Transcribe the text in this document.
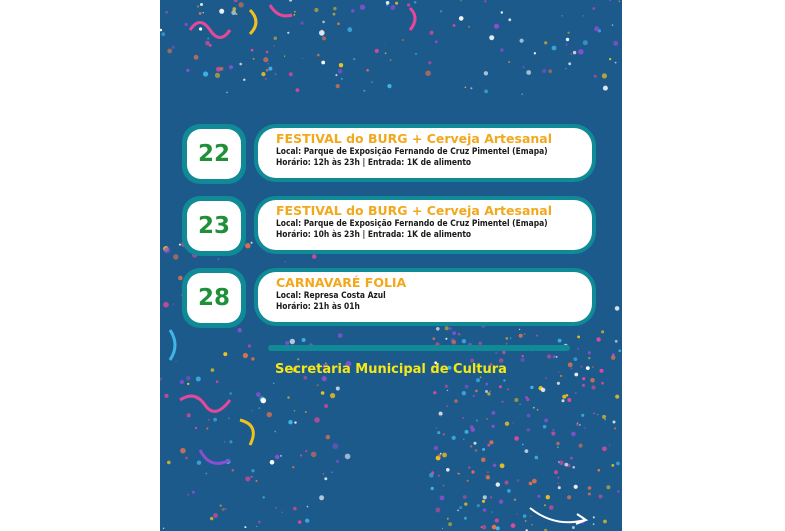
22
FESTIVAL do BURG + Cerveja Artesanal
Local: Parque de Exposição Fernando de Cruz Pimentel (Emapa)
Horário: 12h às 23h | Entrada: 1K de alimento
23
FESTIVAL do BURG + Cerveja Artesanal
Local: Parque de Exposição Fernando de Cruz Pimentel (Emapa)
Horário: 10h às 23h | Entrada: 1K de alimento
28
CARNAVARÉ FOLIA
Local: Represa Costa Azul
Horário: 21h às 01h
Secretaria Municipal de Cultura
